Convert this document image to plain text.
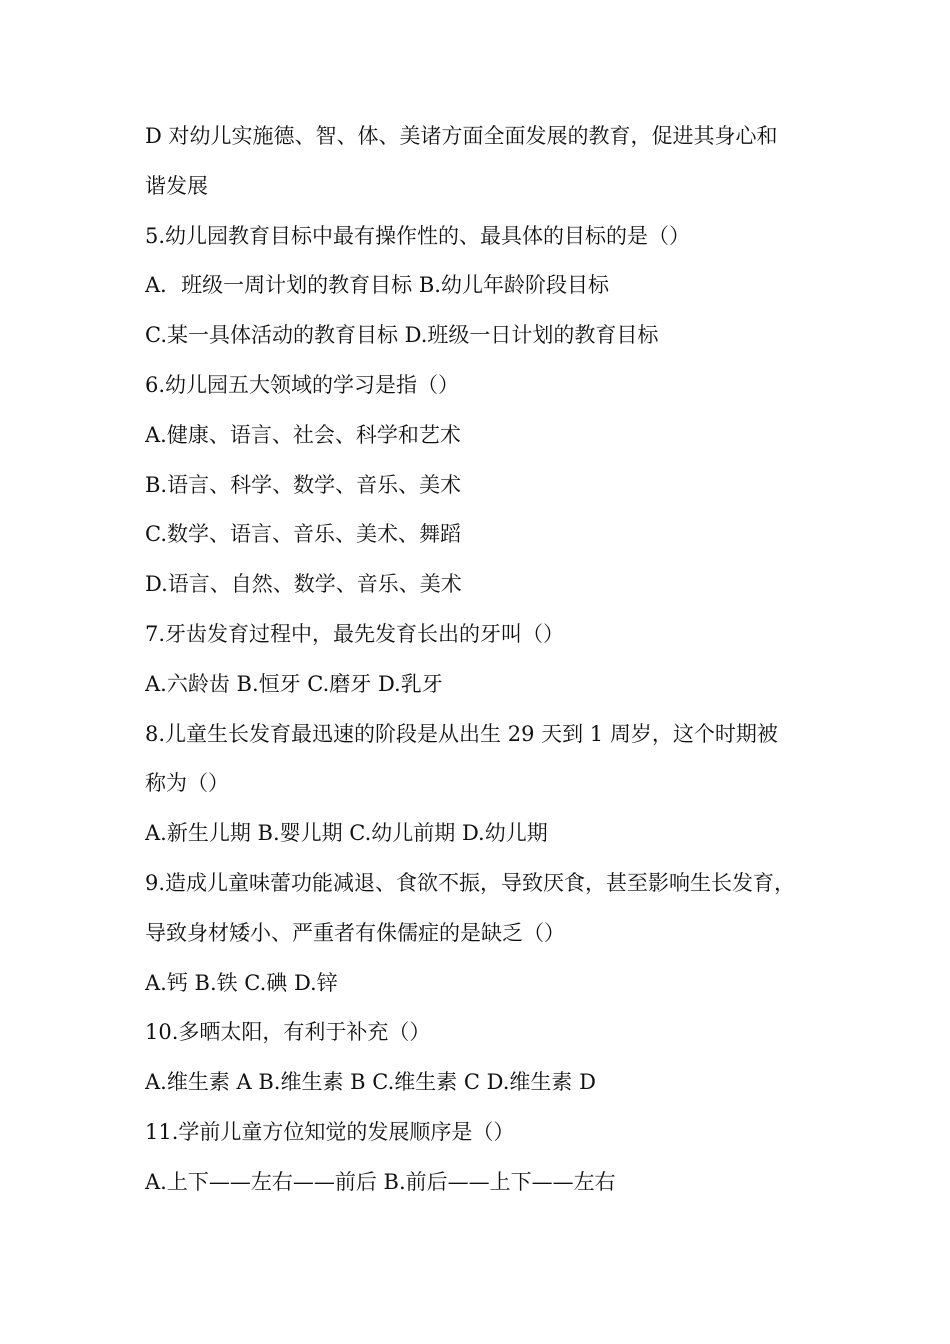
D 对幼儿实施德、智、体、美诸方面全面发展的教育，促进其身心和
谐发展
5.幼儿园教育目标中最有操作性的、最具体的目标的是（）
A．班级一周计划的教育目标 B.幼儿年龄阶段目标
C.某一具体活动的教育目标 D.班级一日计划的教育目标
6.幼儿园五大领域的学习是指（）
A.健康、语言、社会、科学和艺术
B.语言、科学、数学、音乐、美术
C.数学、语言、音乐、美术、舞蹈
D.语言、自然、数学、音乐、美术
7.牙齿发育过程中，最先发育长出的牙叫（）
A.六龄齿 B.恒牙 C.磨牙 D.乳牙
8.儿童生长发育最迅速的阶段是从出生 29 天到 1 周岁，这个时期被
称为（）
A.新生儿期 B.婴儿期 C.幼儿前期 D.幼儿期
9.造成儿童味蕾功能减退、食欲不振，导致厌食，甚至影响生长发育，
导致身材矮小、严重者有侏儒症的是缺乏（）
A.钙 B.铁 C.碘 D.锌
10.多晒太阳，有利于补充（）
A.维生素 A B.维生素 B C.维生素 C D.维生素 D
11.学前儿童方位知觉的发展顺序是（）
A.上下——左右——前后 B.前后——上下——左右
